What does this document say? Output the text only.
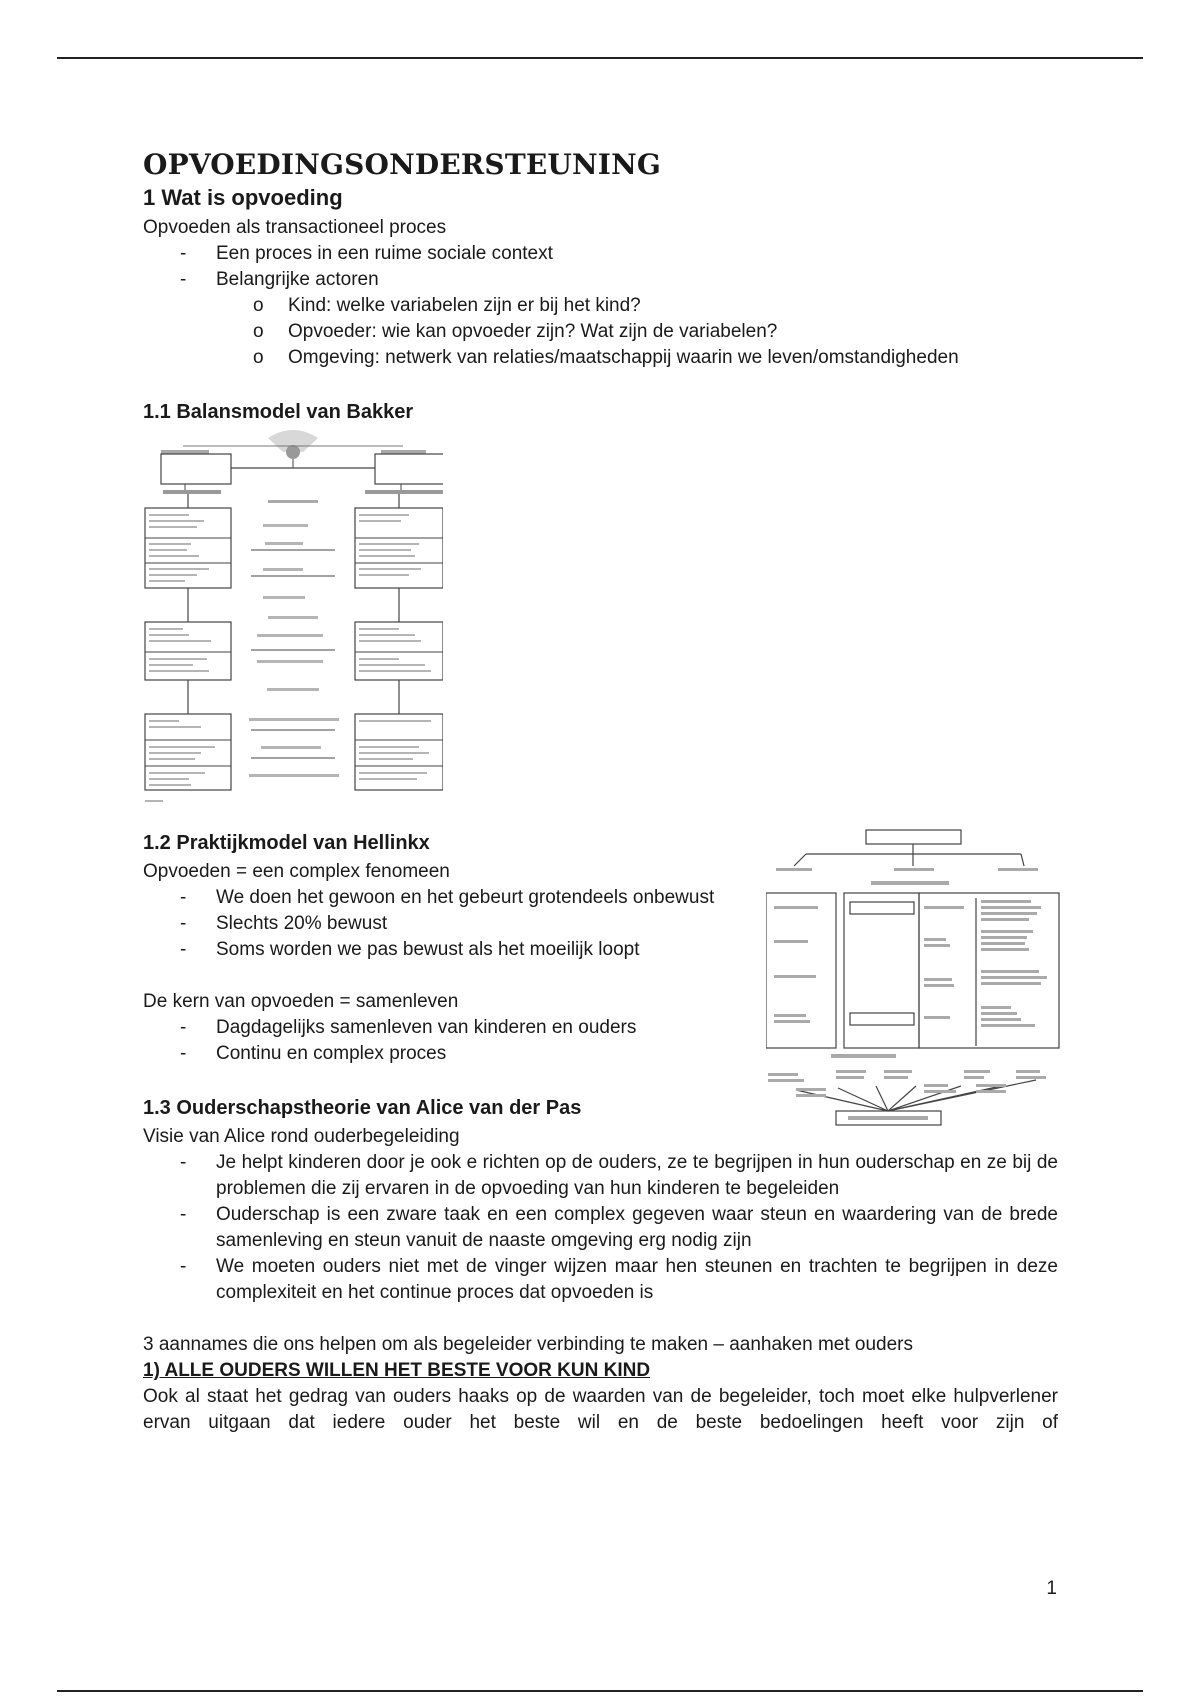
OPVOEDINGSONDERSTEUNING
1 Wat is opvoeding

Opvoeden als transactioneel proces

- Een proces in een ruime sociale context
- Belangrijke actoren
o Kind: welke variabelen zijn er bij het kind?
o Opvoeder: wie kan opvoeder zijn? Wat zijn de variabelen?
o Omgeving: netwerk van relaties/maatschappij waarin we leven/omstandigheden
1.1 Balansmodel van Bakker
1.2 Praktijkmodel van Hellinkx

Opvoeden = een complex fenomeen

- We doen het gewoon en het gebeurt grotendeels onbewust
- Slechts 20% bewust
- Soms worden we pas bewust als het moeilijk loopt

De kern van opvoeden = samenleven

- Dagdagelijks samenleven van kinderen en ouders
- Continu en complex proces
1.3 Ouderschapstheorie van Alice van der Pas

Visie van Alice rond ouderbegeleiding

- Je helpt kinderen door je ook e richten op de ouders, ze te begrijpen in hun ouderschap en ze bij de problemen die zij ervaren in de opvoeding van hun kinderen te begeleiden
- Ouderschap is een zware taak en een complex gegeven waar steun en waardering van de brede samenleving en steun vanuit de naaste omgeving erg nodig zijn
- We moeten ouders niet met de vinger wijzen maar hen steunen en trachten te begrijpen in deze complexiteit en het continue proces dat opvoeden is

3 aannames die ons helpen om als begeleider verbinding te maken – aanhaken met ouders

1) ALLE OUDERS WILLEN HET BESTE VOOR KUN KIND

Ook al staat het gedrag van ouders haaks op de waarden van de begeleider, toch moet elke hulpverlener ervan uitgaan dat iedere ouder het beste wil en de beste bedoelingen heeft voor zijn of

1
